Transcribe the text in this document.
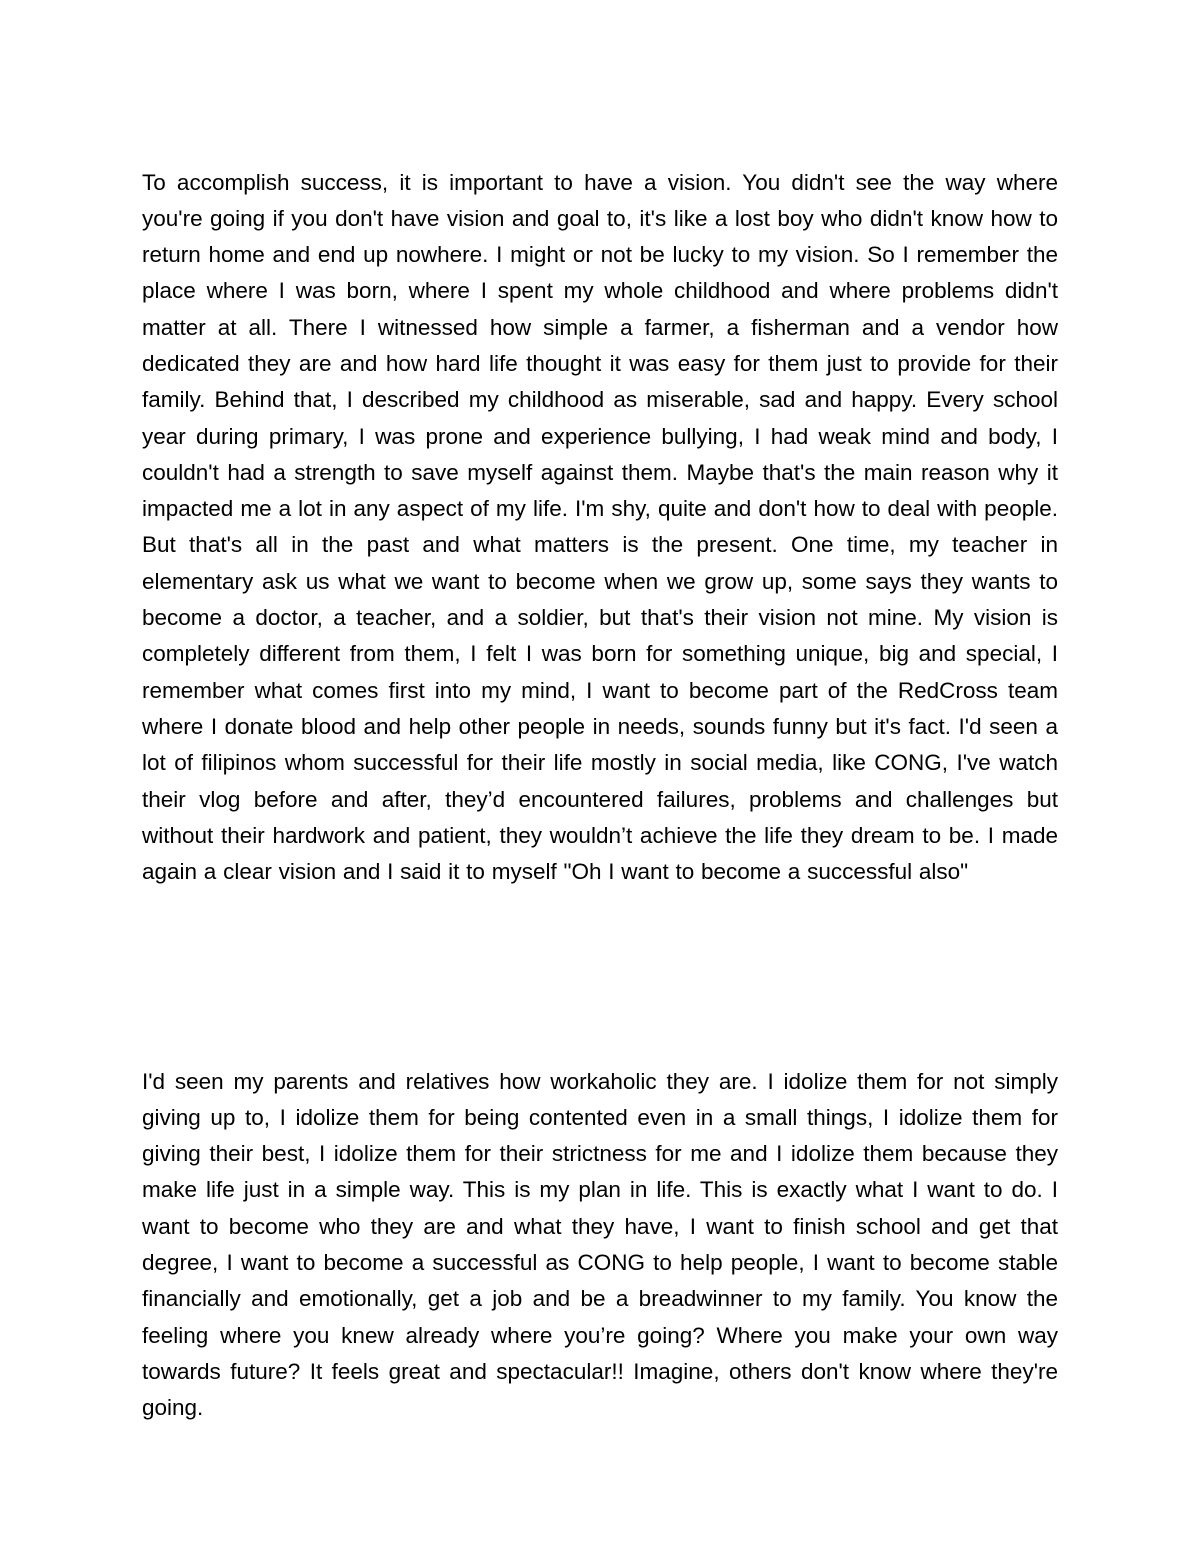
To accomplish success, it is important to have a vision. You didn't see the way where you're going if you don't have vision and goal to, it's like a lost boy who didn't know how to return home and end up nowhere. I might or not be lucky to my vision. So I remember the place where I was born, where I spent my whole childhood and where problems didn't matter at all. There I witnessed how simple a farmer, a fisherman and a vendor how dedicated they are and how hard life thought it was easy for them just to provide for their family. Behind that, I described my childhood as miserable, sad and happy. Every school year during primary, I was prone and experience bullying, I had weak mind and body, I couldn't had a strength to save myself against them. Maybe that's the main reason why it impacted me a lot in any aspect of my life. I'm shy, quite and don't how to deal with people. But that's all in the past and what matters is the present. One time, my teacher in elementary ask us what we want to become when we grow up, some says they wants to become a doctor, a teacher, and a soldier, but that's their vision not mine. My vision is completely different from them, I felt I was born for something unique, big and special, I remember what comes first into my mind, I want to become part of the RedCross team where I donate blood and help other people in needs, sounds funny but it's fact. I'd seen a lot of filipinos whom successful for their life mostly in social media, like CONG, I've watch their vlog before and after, they’d encountered failures, problems and challenges but without their hardwork and patient, they wouldn’t achieve the life they dream to be. I made again a clear vision and I said it to myself "Oh I want to become a successful also"

I'd seen my parents and relatives how workaholic they are. I idolize them for not simply giving up to, I idolize them for being contented even in a small things, I idolize them for giving their best, I idolize them for their strictness for me and I idolize them because they make life just in a simple way. This is my plan in life. This is exactly what I want to do. I want to become who they are and what they have, I want to finish school and get that degree, I want to become a successful as CONG to help people, I want to become stable financially and emotionally, get a job and be a breadwinner to my family. You know the feeling where you knew already where you’re going? Where you make your own way towards future? It feels great and spectacular!! Imagine, others don't know where they're going.
